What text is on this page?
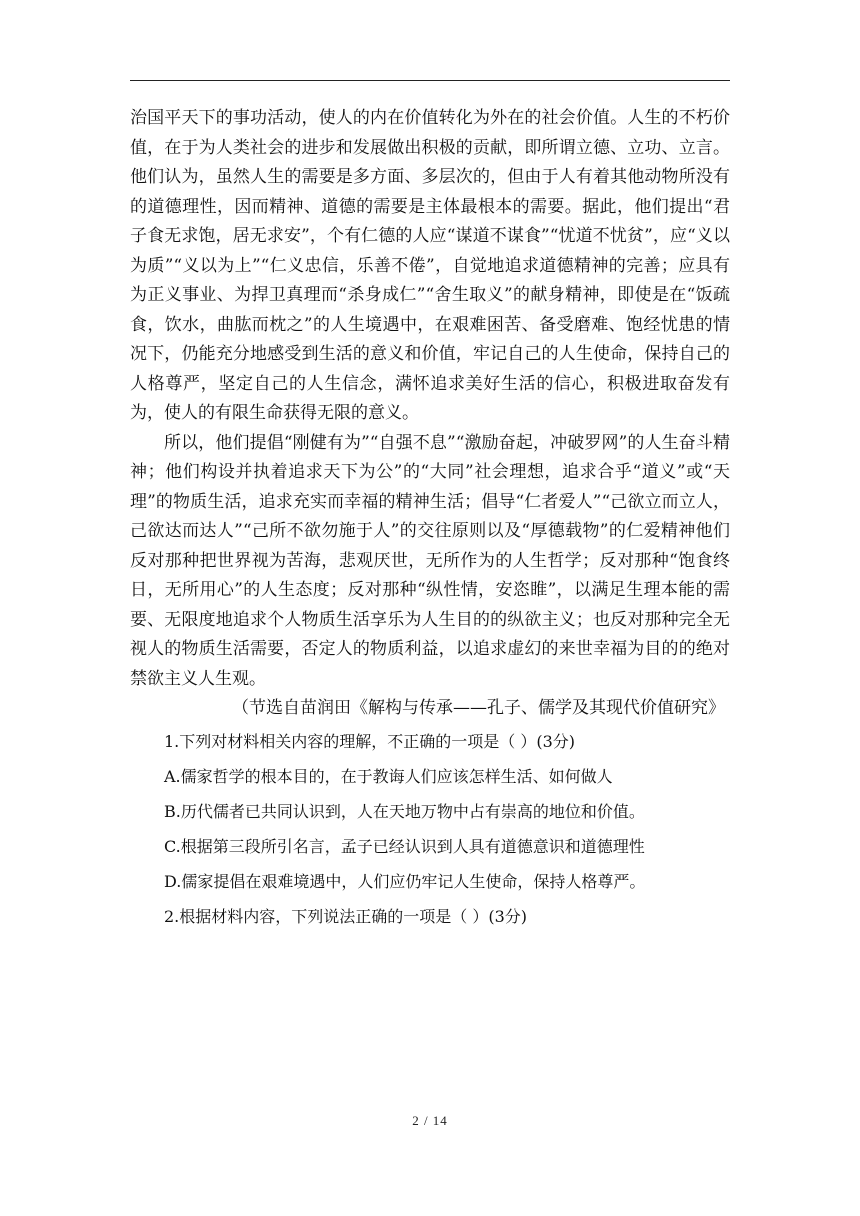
治国平天下的事功活动，使人的内在价值转化为外在的社会价值。人生的不朽价值，在于为人类社会的进步和发展做出积极的贡献，即所谓立德、立功、立言。他们认为，虽然人生的需要是多方面、多层次的，但由于人有着其他动物所没有的道德理性，因而精神、道德的需要是主体最根本的需要。据此，他们提出“君子食无求饱，居无求安”，个有仁德的人应“谋道不谋食”“忧道不忧贫”，应“义以为质”“义以为上”“仁义忠信，乐善不倦”，自觉地追求道德精神的完善；应具有为正义事业、为捍卫真理而“杀身成仁”“舍生取义”的献身精神，即使是在“饭疏食，饮水，曲肱而枕之”的人生境遇中，在艰难困苦、备受磨难、饱经忧患的情况下，仍能充分地感受到生活的意义和价值，牢记自己的人生使命，保持自己的人格尊严，坚定自己的人生信念，满怀追求美好生活的信心，积极进取奋发有为，使人的有限生命获得无限的意义。

所以，他们提倡“刚健有为”“自强不息”“激励奋起，冲破罗网”的人生奋斗精神；他们构设并执着追求天下为公”的“大同”社会理想，追求合乎“道义”或“天理”的物质生活，追求充实而幸福的精神生活；倡导“仁者爱人”“己欲立而立人，己欲达而达人”“己所不欲勿施于人”的交往原则以及“厚德载物”的仁爱精神他们反对那种把世界视为苦海，悲观厌世，无所作为的人生哲学；反对那种“饱食终日，无所用心”的人生态度；反对那种“纵性情，安恣睢”，以满足生理本能的需要、无限度地追求个人物质生活享乐为人生目的的纵欲主义；也反对那种完全无视人的物质生活需要，否定人的物质利益，以追求虚幻的来世幸福为目的的绝对禁欲主义人生观。

（节选自苗润田《解构与传承——孔子、儒学及其现代价值研究》

1.下列对材料相关内容的理解，不正确的一项是（ ）(3分)
A.儒家哲学的根本目的，在于教诲人们应该怎样生活、如何做人
B.历代儒者已共同认识到，人在天地万物中占有崇高的地位和价值。
C.根据第三段所引名言，孟子已经认识到人具有道德意识和道德理性
D.儒家提倡在艰难境遇中，人们应仍牢记人生使命，保持人格尊严。
2.根据材料内容，下列说法正确的一项是（ ）(3分)
2 / 14
